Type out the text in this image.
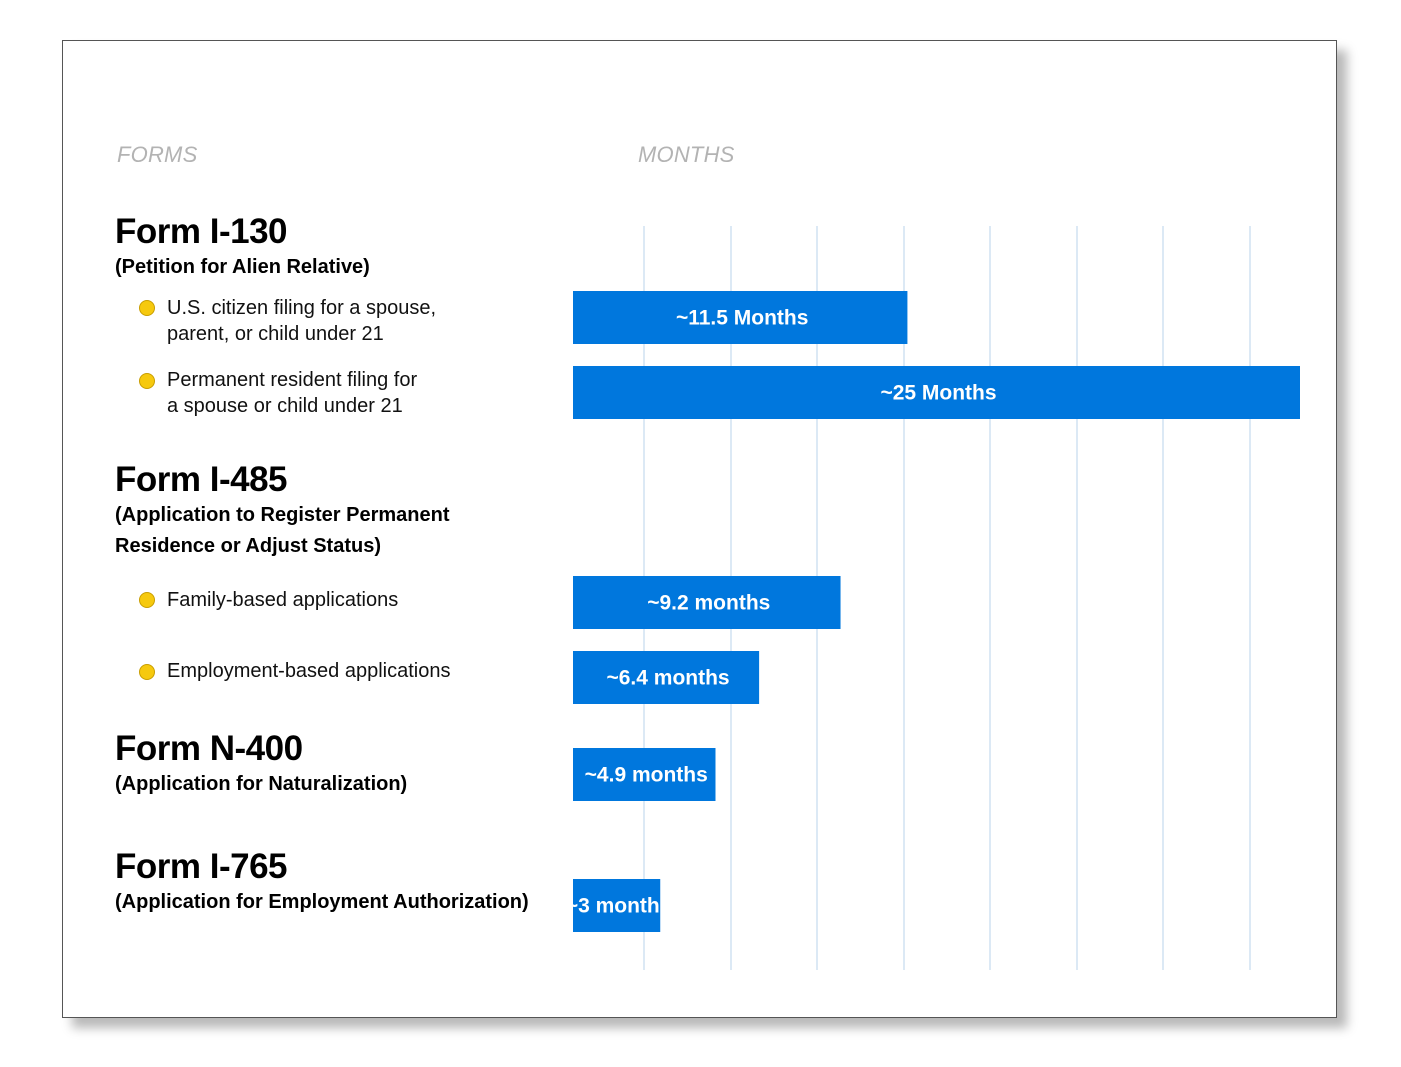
FORMS	MONTHS
~11.5 Months
~25 Months
~9.2 months
~6.4 months
~4.9 months
~3 months
Form I-130
(Petition for Alien Relative)
U.S. citizen filing for a spouse,
parent, or child under 21
Permanent resident filing for
a spouse or child under 21
Form I-485
(Application to Register Permanent
Residence or Adjust Status)
Family-based applications
Employment-based applications
Form N-400
(Application for Naturalization)
Form I-765
(Application for Employment Authorization)
